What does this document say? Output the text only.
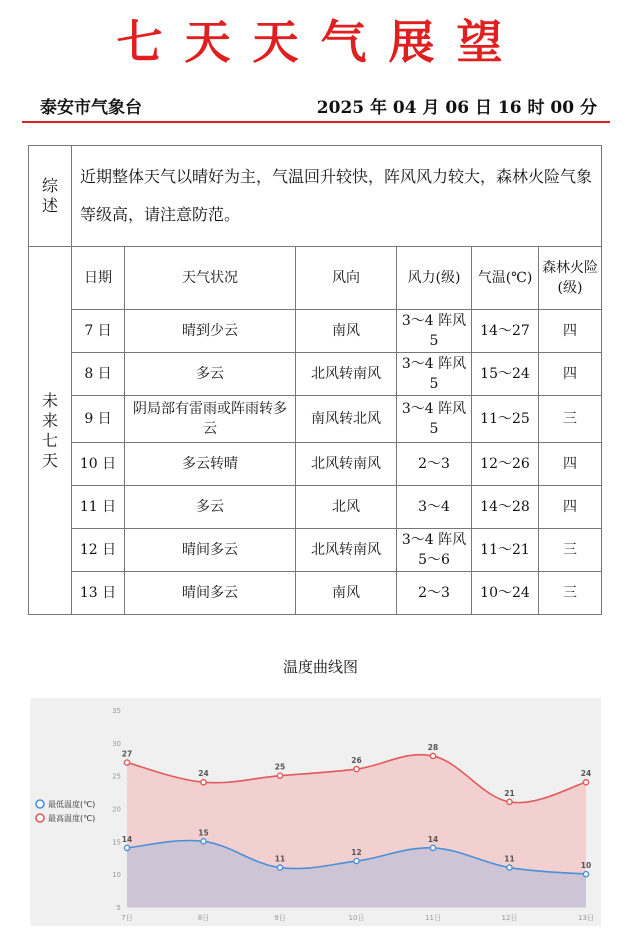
七天天气展望
泰安市气象台	2025 年 04 月 06 日 16 时 00 分
综
述	近期整体天气以晴好为主，气温回升较快，阵风风力较大，森林火险气象等级高，请注意防范。					
未
来
七
天	日期	天气状况	风向	风力(级)	气温(℃)	森林火险(级)
	7 日	晴到少云	南风	3～4 阵风 5	14～27	四
	8 日	多云	北风转南风	3～4 阵风 5	15～24	四
	9 日	阴局部有雷雨或阵雨转多云	南风转北风	3～4 阵风 5	11～25	三
	10 日	多云转晴	北风转南风	2～3	12～26	四
	11 日	多云	北风	3～4	14～28	四
	12 日	晴间多云	北风转南风	3～4 阵风 5～6	11～21	三
	13 日	晴间多云	南风	2～3	10～24	三
温度曲线图
5
10
15
20
25
30
35
7日	8日	9日	10日	11日	12日	13日
27
24
25
26
28
21
24
14
15
11
12
14
11
10
最低温度(℃)
最高温度(℃)
